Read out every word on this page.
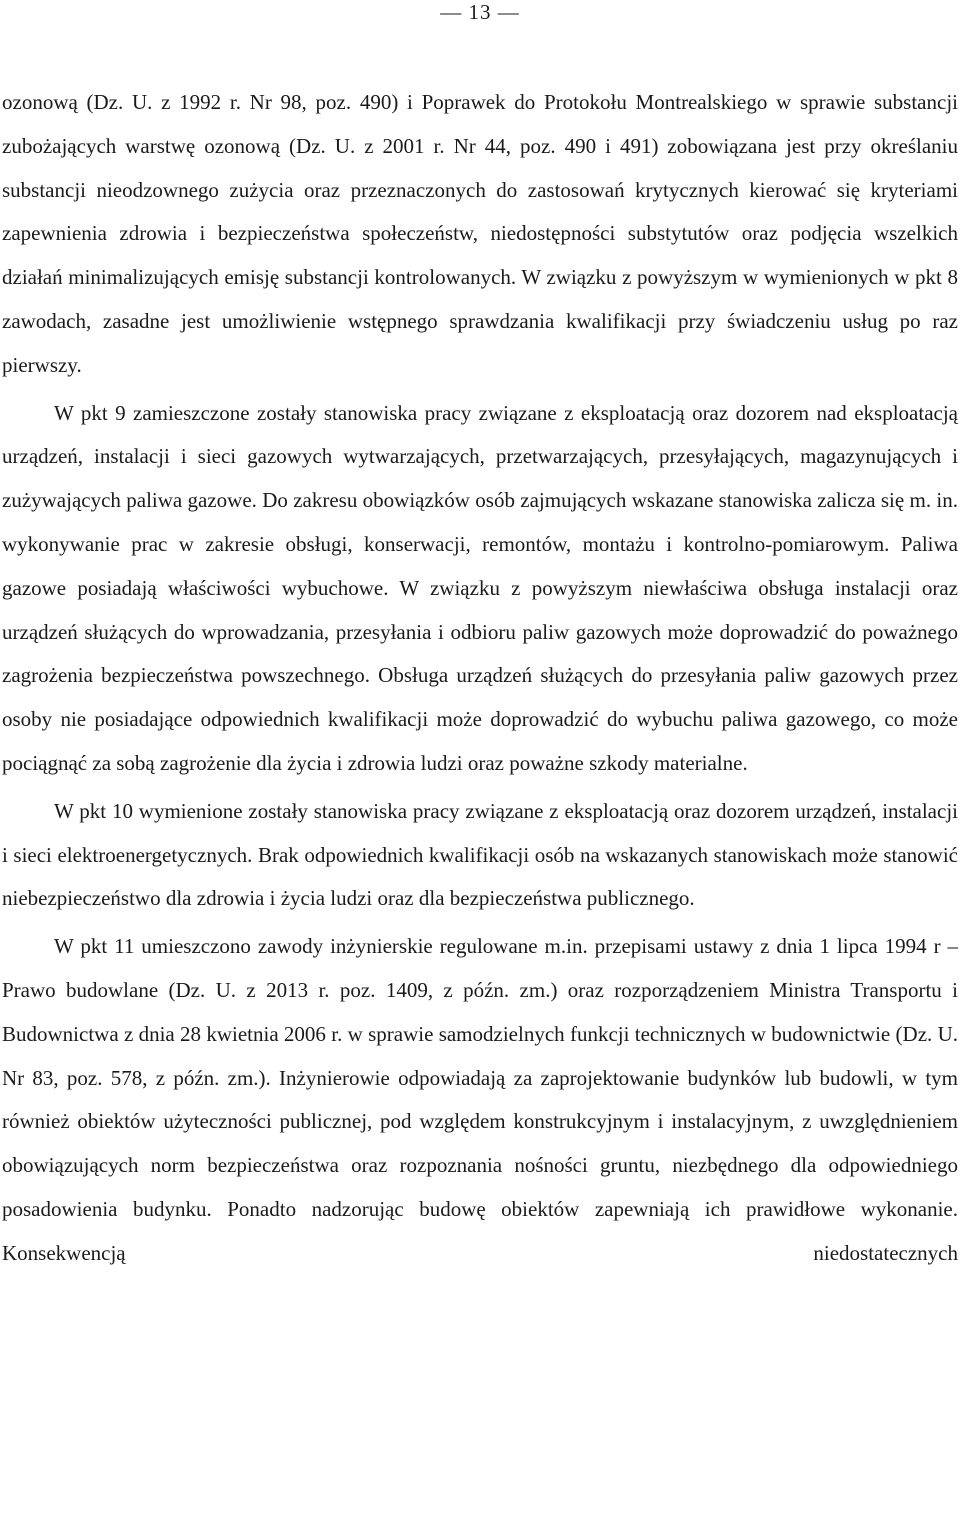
— 13 —

ozonową (Dz. U. z 1992 r. Nr 98, poz. 490) i Poprawek do Protokołu Montrealskiego w sprawie substancji zubożających warstwę ozonową (Dz. U. z 2001 r. Nr 44, poz. 490 i 491) zobowiązana jest przy określaniu substancji nieodzownego zużycia oraz przeznaczonych do zastosowań krytycznych kierować się kryteriami zapewnienia zdrowia i bezpieczeństwa społeczeństw, niedostępności substytutów oraz podjęcia wszelkich działań minimalizujących emisję substancji kontrolowanych. W związku z powyższym w wymienionych w pkt 8 zawodach, zasadne jest umożliwienie wstępnego sprawdzania kwalifikacji przy świadczeniu usług po raz pierwszy.

W pkt 9 zamieszczone zostały stanowiska pracy związane z eksploatacją oraz dozorem nad eksploatacją urządzeń, instalacji i sieci gazowych wytwarzających, przetwarzających, przesyłających, magazynujących i zużywających paliwa gazowe. Do zakresu obowiązków osób zajmujących wskazane stanowiska zalicza się m. in. wykonywanie prac w zakresie obsługi, konserwacji, remontów, montażu i kontrolno-pomiarowym. Paliwa gazowe posiadają właściwości wybuchowe. W związku z powyższym niewłaściwa obsługa instalacji oraz urządzeń służących do wprowadzania, przesyłania i odbioru paliw gazowych może doprowadzić do poważnego zagrożenia bezpieczeństwa powszechnego. Obsługa urządzeń służących do przesyłania paliw gazowych przez osoby nie posiadające odpowiednich kwalifikacji może doprowadzić do wybuchu paliwa gazowego, co może pociągnąć za sobą zagrożenie dla życia i zdrowia ludzi oraz poważne szkody materialne.

W pkt 10 wymienione zostały stanowiska pracy związane z eksploatacją oraz dozorem urządzeń, instalacji i sieci elektroenergetycznych. Brak odpowiednich kwalifikacji osób na wskazanych stanowiskach może stanowić niebezpieczeństwo dla zdrowia i życia ludzi oraz dla bezpieczeństwa publicznego.

W pkt 11 umieszczono zawody inżynierskie regulowane m.in. przepisami ustawy z dnia 1 lipca 1994 r – Prawo budowlane (Dz. U. z 2013 r. poz. 1409, z późn. zm.) oraz rozporządzeniem Ministra Transportu i Budownictwa z dnia 28 kwietnia 2006 r. w sprawie samodzielnych funkcji technicznych w budownictwie (Dz. U. Nr 83, poz. 578, z późn. zm.). Inżynierowie odpowiadają za zaprojektowanie budynków lub budowli, w tym również obiektów użyteczności publicznej, pod względem konstrukcyjnym i instalacyjnym, z uwzględnieniem obowiązujących norm bezpieczeństwa oraz rozpoznania nośności gruntu, niezbędnego dla odpowiedniego posadowienia budynku. Ponadto nadzorując budowę obiektów zapewniają ich prawidłowe wykonanie. Konsekwencją niedostatecznych
